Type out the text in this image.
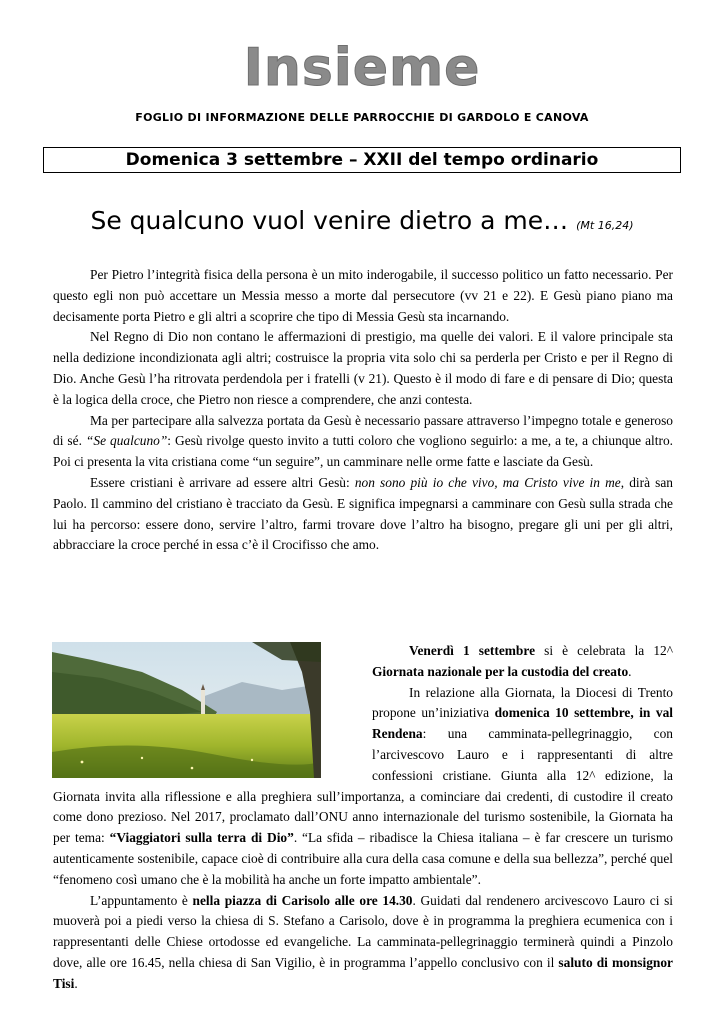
Insieme
FOGLIO DI INFORMAZIONE DELLE PARROCCHIE DI GARDOLO E CANOVA
Domenica 3 settembre – XXII del tempo ordinario
Se qualcuno vuol venire dietro a me… (Mt 16,24)

Per Pietro l’integrità fisica della persona è un mito inderogabile, il successo politico un fatto necessario. Per questo egli non può accettare un Messia messo a morte dal persecutore (vv 21 e 22). E Gesù piano piano ma decisamente porta Pietro e gli altri a scoprire che tipo di Messia Gesù sta incarnando.

Nel Regno di Dio non contano le affermazioni di prestigio, ma quelle dei valori. E il valore principale sta nella dedizione incondizionata agli altri; costruisce la propria vita solo chi sa perderla per Cristo e per il Regno di Dio. Anche Gesù l’ha ritrovata perdendola per i fratelli (v 21). Questo è il modo di fare e di pensare di Dio; questa è la logica della croce, che Pietro non riesce a comprendere, che anzi contesta.

Ma per partecipare alla salvezza portata da Gesù è necessario passare attraverso l’impegno totale e generoso di sé. “Se qualcuno”: Gesù rivolge questo invito a tutti coloro che vogliono seguirlo: a me, a te, a chiunque altro. Poi ci presenta la vita cristiana come “un seguire”, un camminare nelle orme fatte e lasciate da Gesù.

Essere cristiani è arrivare ad essere altri Gesù: non sono più io che vivo, ma Cristo vive in me, dirà san Paolo. Il cammino del cristiano è tracciato da Gesù. E significa impegnarsi a camminare con Gesù sulla strada che lui ha percorso: essere dono, servire l’altro, farmi trovare dove l’altro ha bisogno, pregare gli uni per gli altri, abbracciare la croce perché in essa c’è il Crocifisso che amo.

Venerdì 1 settembre si è celebrata la 12^ Giornata nazionale per la custodia del creato.

In relazione alla Giornata, la Diocesi di Trento propone un’iniziativa domenica 10 settembre, in val Rendena: una camminata-pellegrinaggio, con l’arcivescovo Lauro e i rappresentanti di altre confessioni cristiane. Giunta alla 12^ edizione, la Giornata invita alla riflessione e alla preghiera sull’importanza, a cominciare dai credenti, di custodire il creato come dono prezioso. Nel 2017, proclamato dall’ONU anno internazionale del turismo sostenibile, la Giornata ha per tema: “Viaggiatori sulla terra di Dio”. “La sfida – ribadisce la Chiesa italiana – è far crescere un turismo autenticamente sostenibile, capace cioè di contribuire alla cura della casa comune e della sua bellezza”, perché quel “fenomeno così umano che è la mobilità ha anche un forte impatto ambientale”.

L’appuntamento è nella piazza di Carisolo alle ore 14.30. Guidati dal rendenero arcivescovo Lauro ci si muoverà poi a piedi verso la chiesa di S. Stefano a Carisolo, dove è in programma la preghiera ecumenica con i rappresentanti delle Chiese ortodosse ed evangeliche. La camminata-pellegrinaggio terminerà quindi a Pinzolo dove, alle ore 16.45, nella chiesa di San Vigilio, è in programma l’appello conclusivo con il saluto di monsignor Tisi.
